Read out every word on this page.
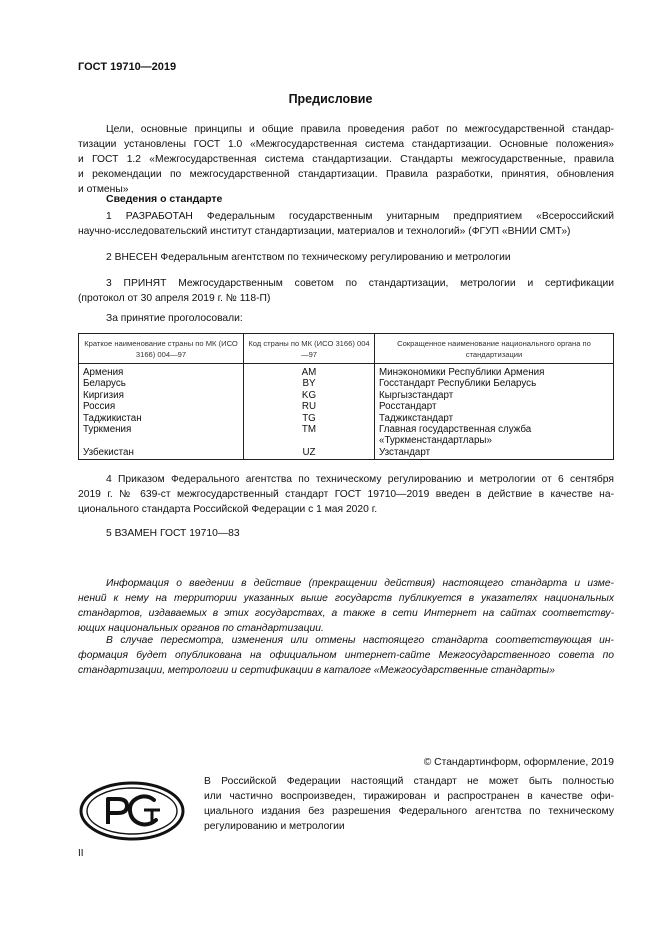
ГОСТ 19710—2019
Предисловие
Цели, основные принципы и общие правила проведения работ по межгосударственной стандар-
тизации установлены ГОСТ 1.0 «Межгосударственная система стандартизации. Основные положения»
и ГОСТ 1.2 «Межгосударственная система стандартизации. Стандарты межгосударственные, правила
и рекомендации по межгосударственной стандартизации. Правила разработки, принятия, обновления
и отмены»
Сведения о стандарте
1 РАЗРАБОТАН Федеральным государственным унитарным предприятием «Всероссийский
научно-исследовательский институт стандартизации, материалов и технологий» (ФГУП «ВНИИ СМТ»)
2 ВНЕСЕН Федеральным агентством по техническому регулированию и метрологии
3 ПРИНЯТ Межгосударственным советом по стандартизации, метрологии и сертификации
(протокол от 30 апреля 2019 г. № 118-П)
За принятие проголосовали:
Краткое наименование страны по МК (ИСО 3166) 004—97	Код страны по МК (ИСО 3166) 004—97	Сокращенное наименование национального органа по стандартизации
Армения	AM	Минэкономики Республики Армения
Беларусь	BY	Госстандарт Республики Беларусь
Киргизия	KG	Кыргызстандарт
Россия	RU	Росстандарт
Таджикистан	TG	Таджикстандарт
Туркмения	TM	Главная государственная служба
		«Туркменстандартлары»
Узбекистан	UZ	Узстандарт
4 Приказом Федерального агентства по техническому регулированию и метрологии от 6 сентября
2019 г. № 639-ст межгосударственный стандарт ГОСТ 19710—2019 введен в действие в качестве на-
ционального стандарта Российской Федерации с 1 мая 2020 г.
5 ВЗАМЕН ГОСТ 19710—83
Информация о введении в действие (прекращении действия) настоящего стандарта и изме-
нений к нему на территории указанных выше государств публикуется в указателях национальных
стандартов, издаваемых в этих государствах, а также в сети Интернет на сайтах соответству-
ющих национальных органов по стандартизации.
В случае пересмотра, изменения или отмены настоящего стандарта соответствующая ин-
формация будет опубликована на официальном интернет-сайте Межгосударственного совета по
стандартизации, метрологии и сертификации в каталоге «Межгосударственные стандарты»
© Стандартинформ, оформление, 2019
В Российской Федерации настоящий стандарт не может быть полностью
или частично воспроизведен, тиражирован и распространен в качестве офи-
циального издания без разрешения Федерального агентства по техническому
регулированию и метрологии
II
